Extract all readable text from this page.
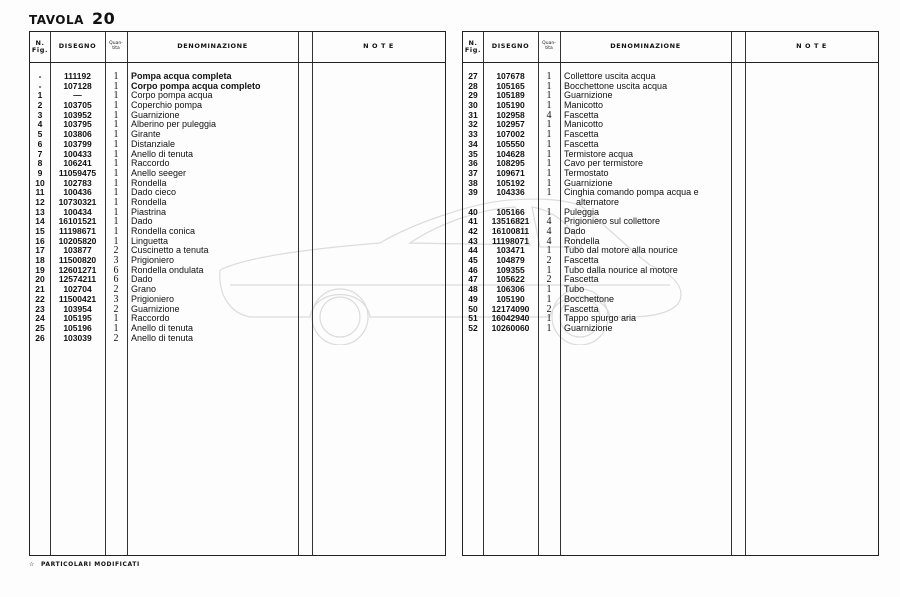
TAVOLA 20
N.
Fig.	DISEGNO	Quan-
tita	DENOMINAZIONE	N O T E
-	111192	1	Pompa acqua completa
-	107128	1	Corpo pompa acqua completo
1	—	1	Corpo pompa acqua
2	103705	1	Coperchio pompa
3	103952	1	Guarnizione
4	103795	1	Alberino per puleggia
5	103806	1	Girante
6	103799	1	Distanziale
7	100433	1	Anello di tenuta
8	106241	1	Raccordo
9	11059475	1	Anello seeger
10	102783	1	Rondella
11	100436	1	Dado cieco
12	10730321	1	Rondella
13	100434	1	Piastrina
14	16101521	1	Dado
15	11198671	1	Rondella conica
16	10205820	1	Linguetta
17	103877	2	Cuscinetto a tenuta
18	11500820	3	Prigioniero
19	12601271	6	Rondella ondulata
20	12574211	6	Dado
21	102704	2	Grano
22	11500421	3	Prigioniero
23	103954	2	Guarnizione
24	105195	1	Raccordo
25	105196	1	Anello di tenuta
26	103039	2	Anello di tenuta
N.
Fig.	DISEGNO	Quan-
tita	DENOMINAZIONE	N O T E
27	107678	1	Collettore uscita acqua
28	105165	1	Bocchettone uscita acqua
29	105189	1	Guarnizione
30	105190	1	Manicotto
31	102958	4	Fascetta
32	102957	1	Manicotto
33	107002	1	Fascetta
34	105550	1	Fascetta
35	104628	1	Termistore acqua
36	108295	1	Cavo per termistore
37	109671	1	Termostato
38	105192	1	Guarnizione
39	104336	1	Cinghia comando pompa acqua e
alternatore
40	105166	1	Puleggia
41	13516821	4	Prigioniero sul collettore
42	16100811	4	Dado
43	11198071	4	Rondella
44	103471	1	Tubo dal motore alla nourice
45	104879	2	Fascetta
46	109355	1	Tubo dalla nourice al motore
47	105622	2	Fascetta
48	106306	1	Tubo
49	105190	1	Bocchettone
50	12174090	2	Fascetta
51	16042940	1	Tappo spurgo aria
52	10260060	1	Guarnizione
☆ PARTICOLARI MODIFICATI
